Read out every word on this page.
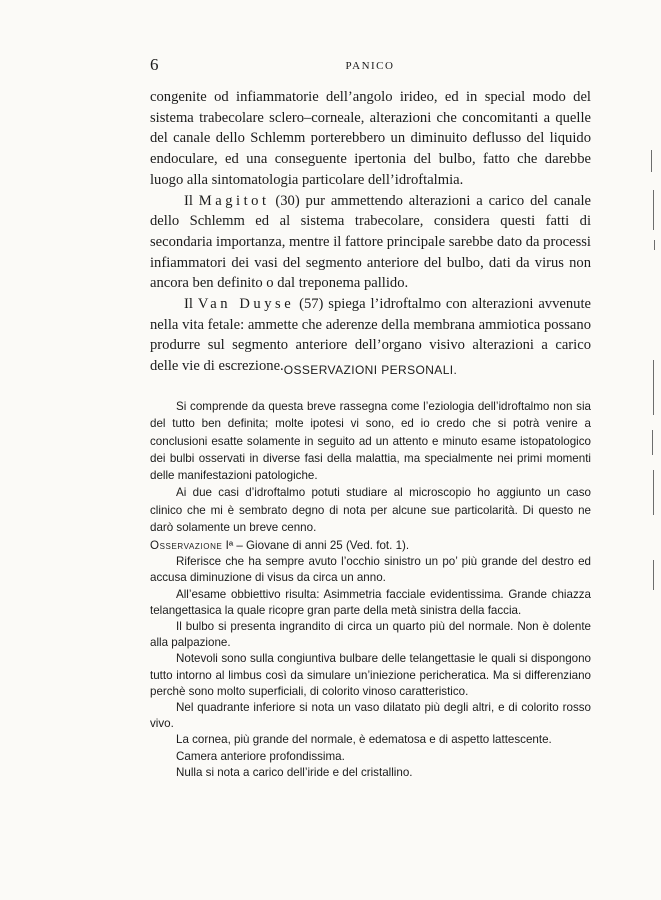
6	PANICO

congenite od infiammatorie dell’angolo irideo, ed in special modo del sistema trabecolare sclero–corneale, alterazioni che concomitanti a quelle del canale dello Schlemm porterebbero un diminuito deflusso del liquido endoculare, ed una conseguente ipertonia del bulbo, fatto che darebbe luogo alla sintomatologia particolare dell’idroftalmia.

Il Magitot (30) pur ammettendo alterazioni a carico del canale dello Schlemm ed al sistema trabecolare, considera questi fatti di secondaria importanza, mentre il fattore principale sarebbe dato da processi infiammatori dei vasi del segmento anteriore del bulbo, dati da virus non ancora ben definito o dal treponema pallido.

Il Van Duyse (57) spiega l’idroftalmo con alterazioni avvenute nella vita fetale: ammette che aderenze della membrana ammiotica possano produrre sul segmento anteriore dell’organo visivo alterazioni a carico delle vie di escrezione. OSSERVAZIONI PERSONALI.

Si comprende da questa breve rassegna come l’eziologia dell’idroftalmo non sia del tutto ben definita; molte ipotesi vi sono, ed io credo che si potrà venire a conclusioni esatte solamente in seguito ad un attento e minuto esame istopatologico dei bulbi osservati in diverse fasi della malattia, ma specialmente nei primi momenti delle manifestazioni patologiche.

Ai due casi d’idroftalmo potuti studiare al microscopio ho aggiunto un caso clinico che mi è sembrato degno di nota per alcune sue particolarità. Di questo ne darò solamente un breve cenno.

Osservazione Iª – Giovane di anni 25 (Ved. fot. 1).

Riferisce che ha sempre avuto l’occhio sinistro un po’ più grande del destro ed accusa diminuzione di visus da circa un anno.

All’esame obbiettivo risulta: Asimmetria facciale evidentissima. Grande chiazza telangettasica la quale ricopre gran parte della metà sinistra della faccia.

Il bulbo si presenta ingrandito di circa un quarto più del normale. Non è dolente alla palpazione.

Notevoli sono sulla congiuntiva bulbare delle telangettasie le quali si dispongono tutto intorno al limbus così da simulare un’iniezione pericheratica. Ma si differenziano perchè sono molto superficiali, di colorito vinoso caratteristico.

Nel quadrante inferiore si nota un vaso dilatato più degli altri, e di colorito rosso vivo.

La cornea, più grande del normale, è edematosa e di aspetto lattescente.

Camera anteriore profondissima.

Nulla si nota a carico dell’iride e del cristallino.
